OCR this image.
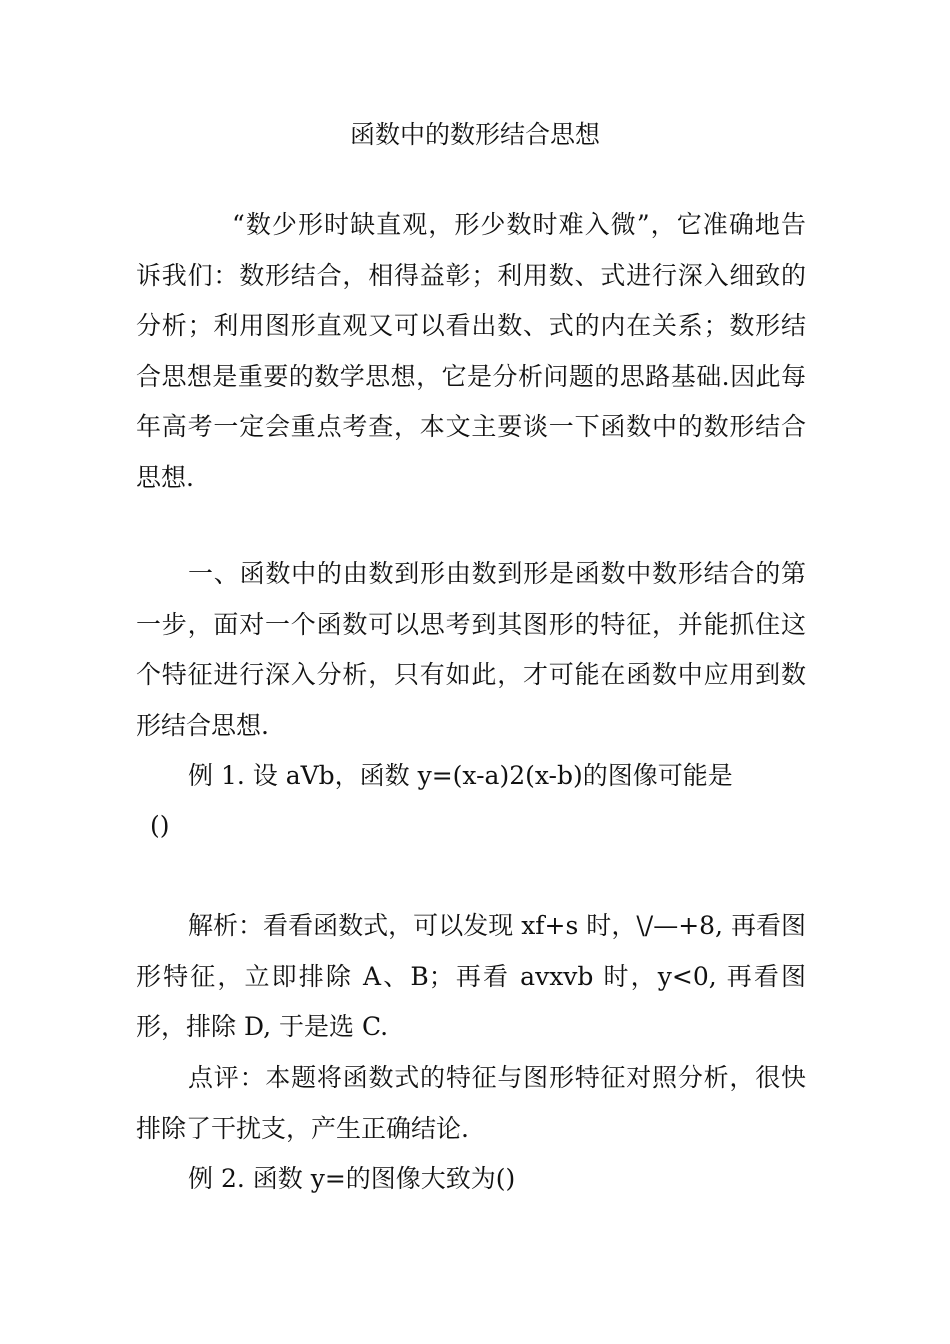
函数中的数形结合思想

“数少形时缺直观，形少数时难入微”，它准确地告诉我们：数形结合，相得益彰；利用数、式进行深入细致的分析；利用图形直观又可以看出数、式的内在关系；数形结合思想是重要的数学思想，它是分析问题的思路基础.因此每年高考一定会重点考查，本文主要谈一下函数中的数形结合思想.

一、函数中的由数到形由数到形是函数中数形结合的第一步，面对一个函数可以思考到其图形的特征，并能抓住这个特征进行深入分析，只有如此，才可能在函数中应用到数形结合思想.

例 1. 设 aVb，函数 y=(x-a)2(x-b)的图像可能是

()

解析：看看函数式，可以发现 xf+s 时，\/—+8, 再看图形特征，立即排除 A、B；再看 avxvb 时，y<0, 再看图形，排除 D, 于是选 C.

点评：本题将函数式的特征与图形特征对照分析，很快排除了干扰支，产生正确结论.

例 2. 函数 y=的图像大致为()
